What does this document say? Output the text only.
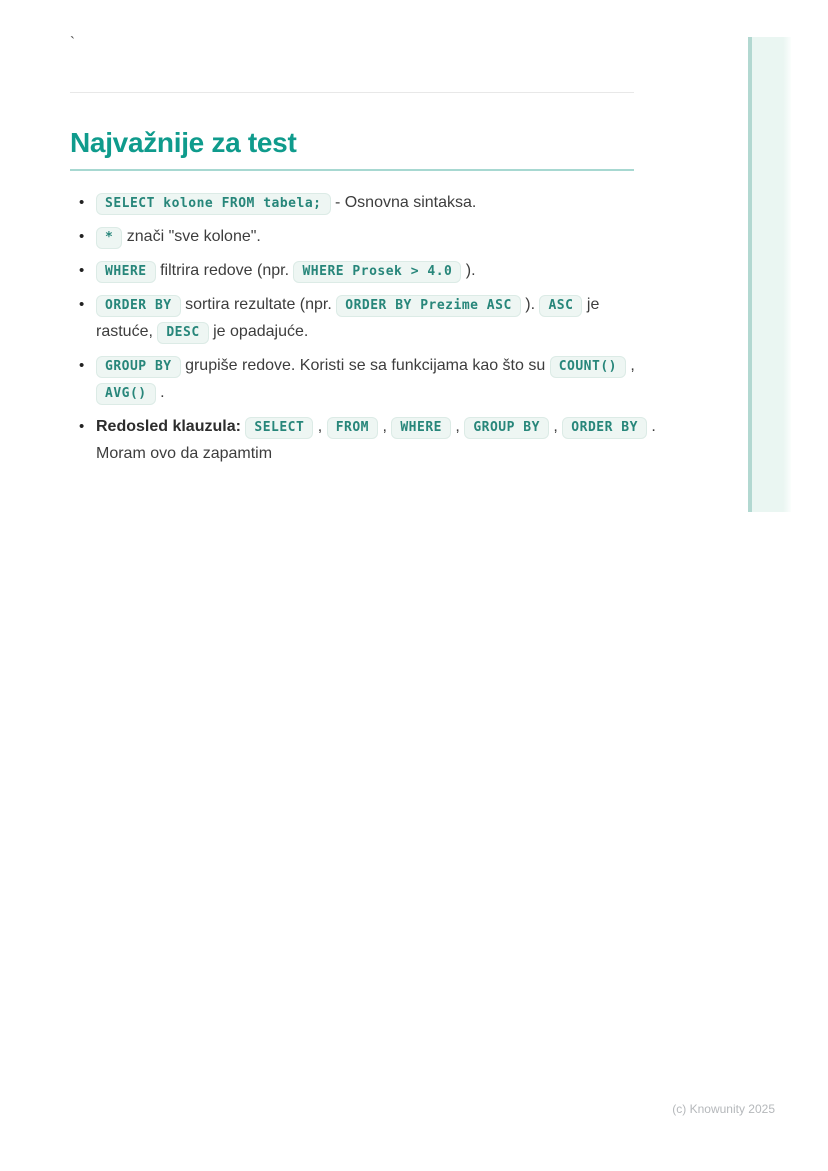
`
Najvažnije za test
•	SELECT kolone FROM tabela; - Osnovna sintaksa.
•	* znači "sve kolone".
•	WHERE filtrira redove (npr. WHERE Prosek > 4.0 ).
•	ORDER BY sortira rezultate (npr. ORDER BY Prezime ASC ). ASC je
rastuće, DESC je opadajuće.
•	GROUP BY grupiše redove. Koristi se sa funkcijama kao što su COUNT() ,
AVG() .
• Redosled klauzula: SELECT , FROM , WHERE , GROUP BY , ORDER BY .
Moram ovo da zapamtim
(c) Knowunity 2025
